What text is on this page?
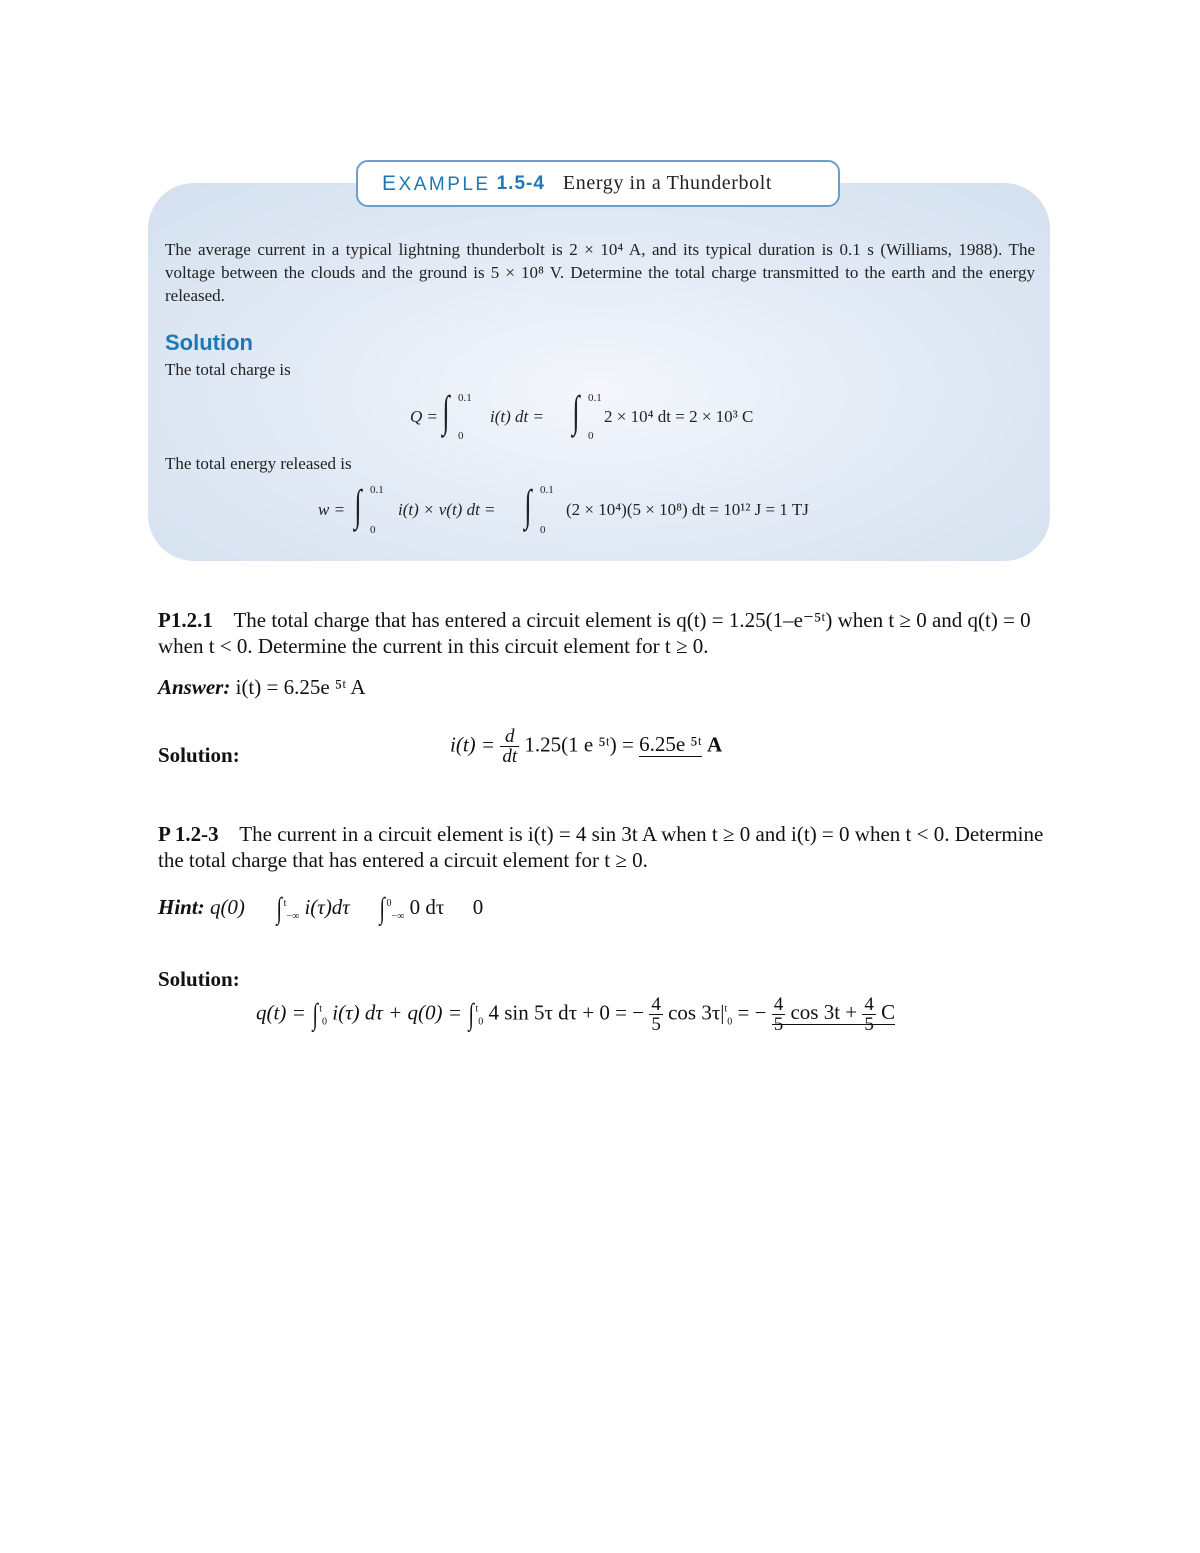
EXAMPLE 1.5-4 Energy in a Thunderbolt
The average current in a typical lightning thunderbolt is 2 × 10⁴ A, and its typical duration is 0.1 s (Williams, 1988). The voltage between the clouds and the ground is 5 × 10⁸ V. Determine the total charge transmitted to the earth and the energy released.
Solution
The total charge is
Q = ∫ 0.1
0
i(t) dt = ∫ 0.1
0
2 × 10⁴ dt = 2 × 10³ C
The total energy released is
w = ∫ 0.1
0
i(t) × v(t) dt = ∫ 0.1
0
(2 × 10⁴)(5 × 10⁸) dt = 10¹² J = 1 TJ
P1.2.1 The total charge that has entered a circuit element is q(t) = 1.25(1–e⁻⁵ᵗ) when t ≥ 0 and q(t) = 0 when t < 0. Determine the current in this circuit element for t ≥ 0.
Answer: i(t) = 6.25e ⁵ᵗ A
Solution:	$i(t) = \frac{d}{dt} 1.25(1$ e ⁵ᵗ) = 6.25e ⁵ᵗ A
P 1.2-3 The current in a circuit element is i(t) = 4 sin 3t A when t ≥ 0 and i(t) = 0 when t < 0. Determine the total charge that has entered a circuit element for t ≥ 0.
Hint: q(0) ∫$^t_{-\infty}$ i(τ)dτ ∫$^0_{-\infty}$ 0 dτ 0
Solution:
q(t) = ∫$^t_0$ i(τ) dτ + q(0) = ∫$^t_0$ 4 sin 5τ dτ + 0 = − $\frac{4}{5}$ $\cos 3\tau|^t_0$ = − $\frac{4}{5}$ $\cos 3t + \frac{4}{5}$ C
